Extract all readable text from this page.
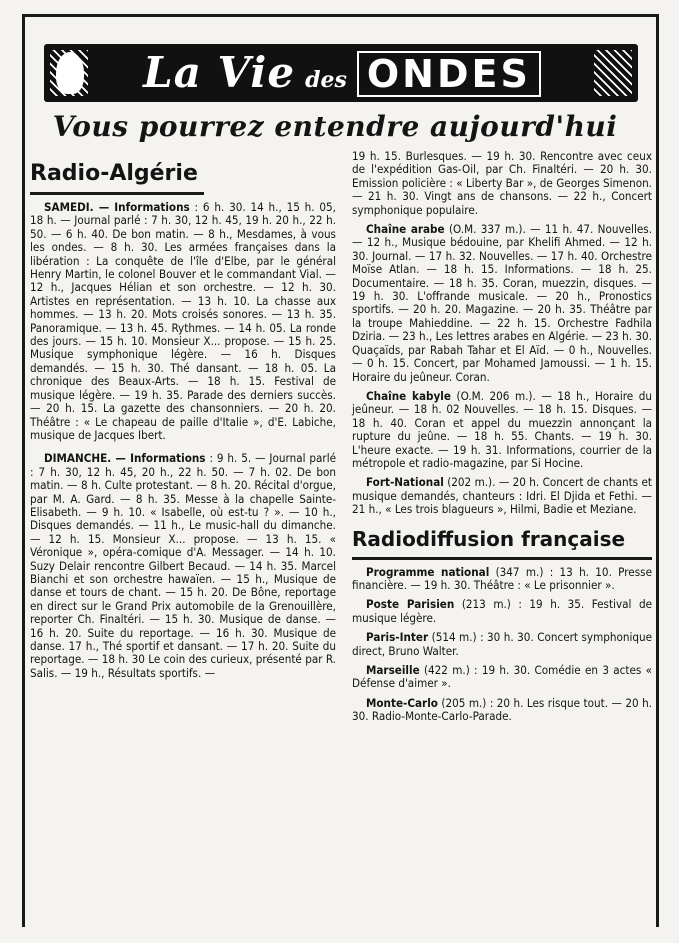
La Vie des ONDES
Vous pourrez entendre aujourd'hui
Radio-Algérie

SAMEDI. — Informations : 6 h. 30. 14 h., 15 h. 05, 18 h. — Journal parlé : 7 h. 30, 12 h. 45, 19 h. 20 h., 22 h. 50. — 6 h. 40. De bon matin. — 8 h., Mesdames, à vous les ondes. — 8 h. 30. Les armées françaises dans la libération : La conquête de l'île d'Elbe, par le général Henry Martin, le colonel Bouver et le commandant Vial. — 12 h., Jacques Hélian et son orchestre. — 12 h. 30. Artistes en représentation. — 13 h. 10. La chasse aux hommes. — 13 h. 20. Mots croisés sonores. — 13 h. 35. Panoramique. — 13 h. 45. Rythmes. — 14 h. 05. La ronde des jours. — 15 h. 10. Monsieur X... propose. — 15 h. 25. Musique symphonique légère. — 16 h. Disques demandés. — 15 h. 30. Thé dansant. — 18 h. 05. La chronique des Beaux-Arts. — 18 h. 15. Festival de musique légère. — 19 h. 35. Parade des derniers succès. — 20 h. 15. La gazette des chansonniers. — 20 h. 20. Théâtre : « Le chapeau de paille d'Italie », d'E. Labiche, musique de Jacques Ibert.

DIMANCHE. — Informations : 9 h. 5. — Journal parlé : 7 h. 30, 12 h. 45, 20 h., 22 h. 50. — 7 h. 02. De bon matin. — 8 h. Culte protestant. — 8 h. 20. Récital d'orgue, par M. A. Gard. — 8 h. 35. Messe à la chapelle Sainte-Elisabeth. — 9 h. 10. « Isabelle, où est-tu ? ». — 10 h., Disques demandés. — 11 h., Le music-hall du dimanche. — 12 h. 15. Monsieur X... propose. — 13 h. 15. « Véronique », opéra-comique d'A. Messager. — 14 h. 10. Suzy Delair rencontre Gilbert Becaud. — 14 h. 35. Marcel Bianchi et son orchestre hawaïen. — 15 h., Musique de danse et tours de chant. — 15 h. 20. De Bône, reportage en direct sur le Grand Prix automobile de la Grenouillère, reporter Ch. Finaltéri. — 15 h. 30. Musique de danse. — 16 h. 20. Suite du reportage. — 16 h. 30. Musique de danse. 17 h., Thé sportif et dansant. — 17 h. 20. Suite du reportage. — 18 h. 30 Le coin des curieux, présenté par R. Salis. — 19 h., Résultats sportifs. —

19 h. 15. Burlesques. — 19 h. 30. Rencontre avec ceux de l'expédition Gas-Oil, par Ch. Finaltéri. — 20 h. 30. Emission policière : « Liberty Bar », de Georges Simenon. — 21 h. 30. Vingt ans de chansons. — 22 h., Concert symphonique populaire.

Chaîne arabe (O.M. 337 m.). — 11 h. 47. Nouvelles. — 12 h., Musique bédouine, par Khelifi Ahmed. — 12 h. 30. Journal. — 17 h. 32. Nouvelles. — 17 h. 40. Orchestre Moïse Atlan. — 18 h. 15. Informations. — 18 h. 25. Documentaire. — 18 h. 35. Coran, muezzin, disques. — 19 h. 30. L'offrande musicale. — 20 h., Pronostics sportifs. — 20 h. 20. Magazine. — 20 h. 35. Théâtre par la troupe Mahieddine. — 22 h. 15. Orchestre Fadhila Dziria. — 23 h., Les lettres arabes en Algérie. — 23 h. 30. Quaçaïds, par Rabah Tahar et El Aïd. — 0 h., Nouvelles. — 0 h. 15. Concert, par Mohamed Jamoussi. — 1 h. 15. Horaire du jeûneur. Coran.

Chaîne kabyle (O.M. 206 m.). — 18 h., Horaire du jeûneur. — 18 h. 02 Nouvelles. — 18 h. 15. Disques. — 18 h. 40. Coran et appel du muezzin annonçant la rupture du jeûne. — 18 h. 55. Chants. — 19 h. 30. L'heure exacte. — 19 h. 31. Informations, courrier de la métropole et radio-magazine, par Si Hocine.

Fort-National (202 m.). — 20 h. Concert de chants et musique demandés, chanteurs : Idri. El Djida et Fethi. — 21 h., « Les trois blagueurs », Hilmi, Badie et Meziane.

Radiodiffusion française

Programme national (347 m.) : 13 h. 10. Presse financière. — 19 h. 30. Théâtre : « Le prisonnier ».

Poste Parisien (213 m.) : 19 h. 35. Festival de musique légère.

Paris-Inter (514 m.) : 30 h. 30. Concert symphonique direct, Bruno Walter.

Marseille (422 m.) : 19 h. 30. Comédie en 3 actes « Défense d'aimer ».

Monte-Carlo (205 m.) : 20 h. Les risque tout. — 20 h. 30. Radio-Monte-Carlo-Parade.
